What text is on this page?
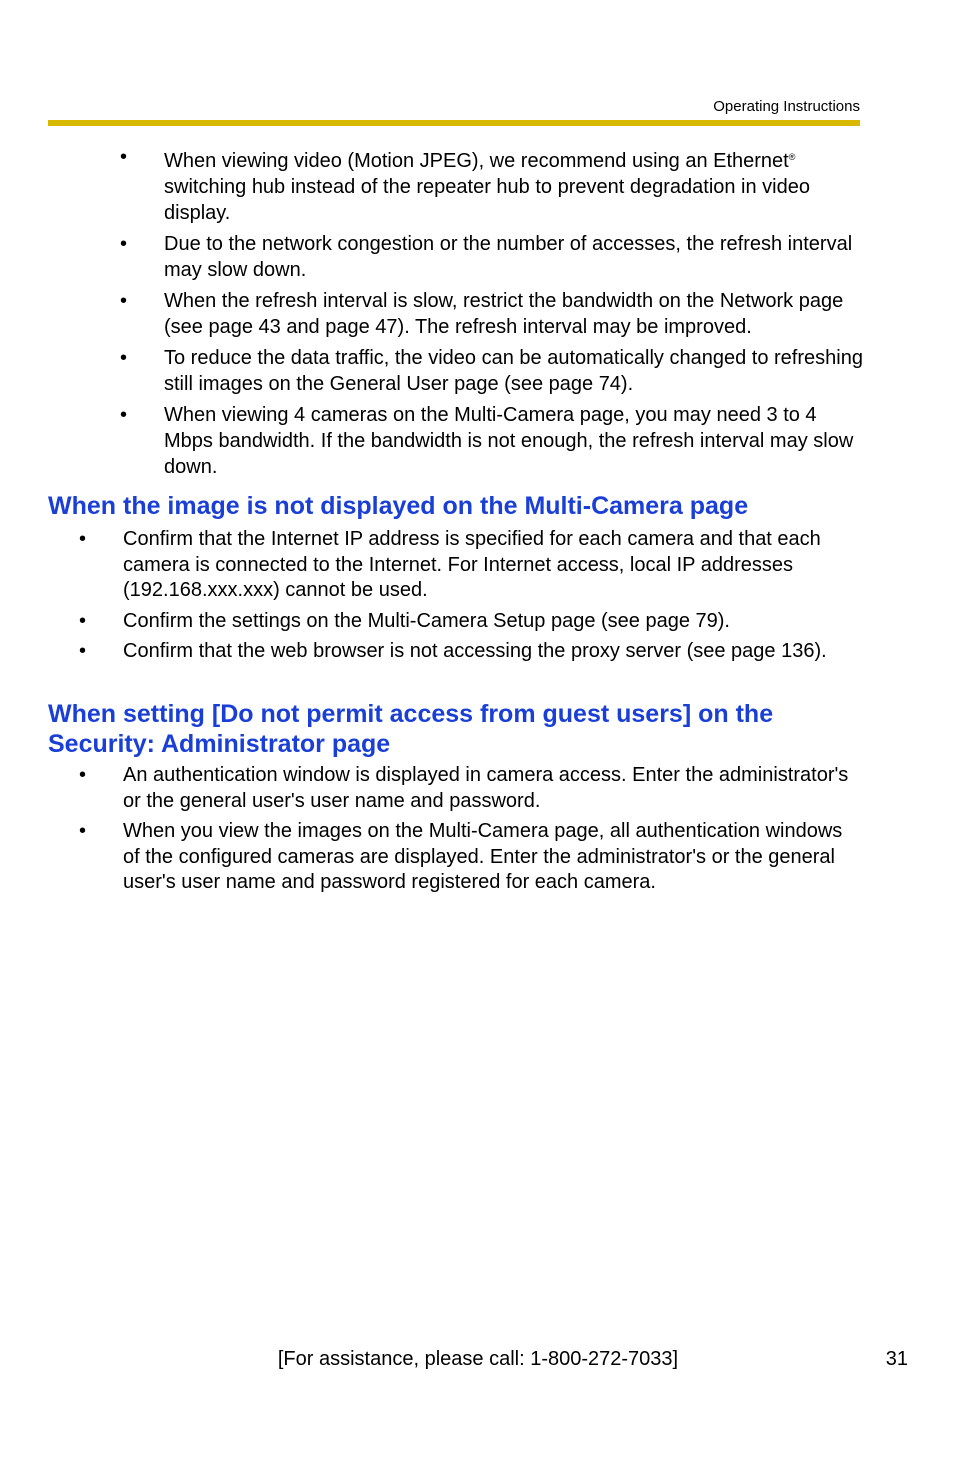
Operating Instructions
• When viewing video (Motion JPEG), we recommend using an Ethernet® switching hub instead of the repeater hub to prevent degradation in video display.
• Due to the network congestion or the number of accesses, the refresh interval may slow down.
• When the refresh interval is slow, restrict the bandwidth on the Network page (see page 43 and page 47). The refresh interval may be improved.
• To reduce the data traffic, the video can be automatically changed to refreshing still images on the General User page (see page 74).
• When viewing 4 cameras on the Multi-Camera page, you may need 3 to 4 Mbps bandwidth. If the bandwidth is not enough, the refresh interval may slow down.
When the image is not displayed on the Multi-Camera page
• Confirm that the Internet IP address is specified for each camera and that each camera is connected to the Internet. For Internet access, local IP addresses (192.168.xxx.xxx) cannot be used.
• Confirm the settings on the Multi-Camera Setup page (see page 79).
• Confirm that the web browser is not accessing the proxy server (see page 136).
When setting [Do not permit access from guest users] on the Security: Administrator page
• An authentication window is displayed in camera access. Enter the administrator's or the general user's user name and password.
• When you view the images on the Multi-Camera page, all authentication windows of the configured cameras are displayed. Enter the administrator's or the general user's user name and password registered for each camera.
[For assistance, please call: 1-800-272-7033]	31
